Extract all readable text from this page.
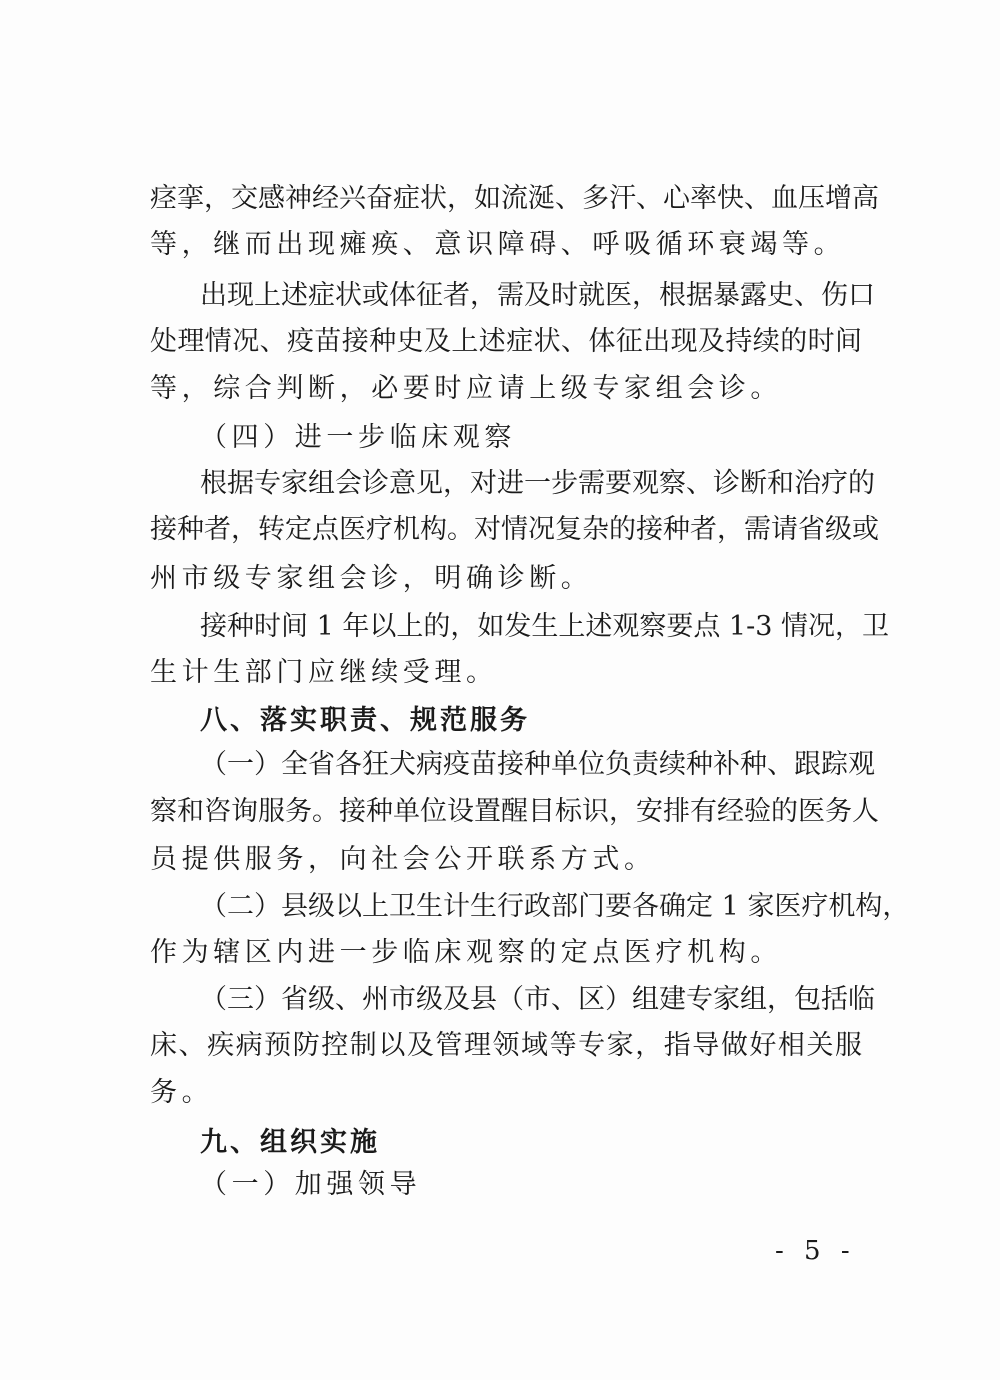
痉挛，交感神经兴奋症状，如流涎、多汗、心率快、血压增高
等，继而出现瘫痪、意识障碍、呼吸循环衰竭等。
出现上述症状或体征者，需及时就医，根据暴露史、伤口
处理情况、疫苗接种史及上述症状、体征出现及持续的时间
等，综合判断，必要时应请上级专家组会诊。
（四）进一步临床观察
根据专家组会诊意见，对进一步需要观察、诊断和治疗的
接种者，转定点医疗机构。对情况复杂的接种者，需请省级或
州市级专家组会诊，明确诊断。
接种时间 1 年以上的，如发生上述观察要点 1-3 情况，卫
生计生部门应继续受理。
八、落实职责、规范服务
（一）全省各狂犬病疫苗接种单位负责续种补种、跟踪观
察和咨询服务。接种单位设置醒目标识，安排有经验的医务人
员提供服务，向社会公开联系方式。
（二）县级以上卫生计生行政部门要各确定 1 家医疗机构，
作为辖区内进一步临床观察的定点医疗机构。
（三）省级、州市级及县（市、区）组建专家组，包括临
床、疾病预防控制以及管理领域等专家，指导做好相关服
务。
九、组织实施
（一）加强领导
- 5 -
